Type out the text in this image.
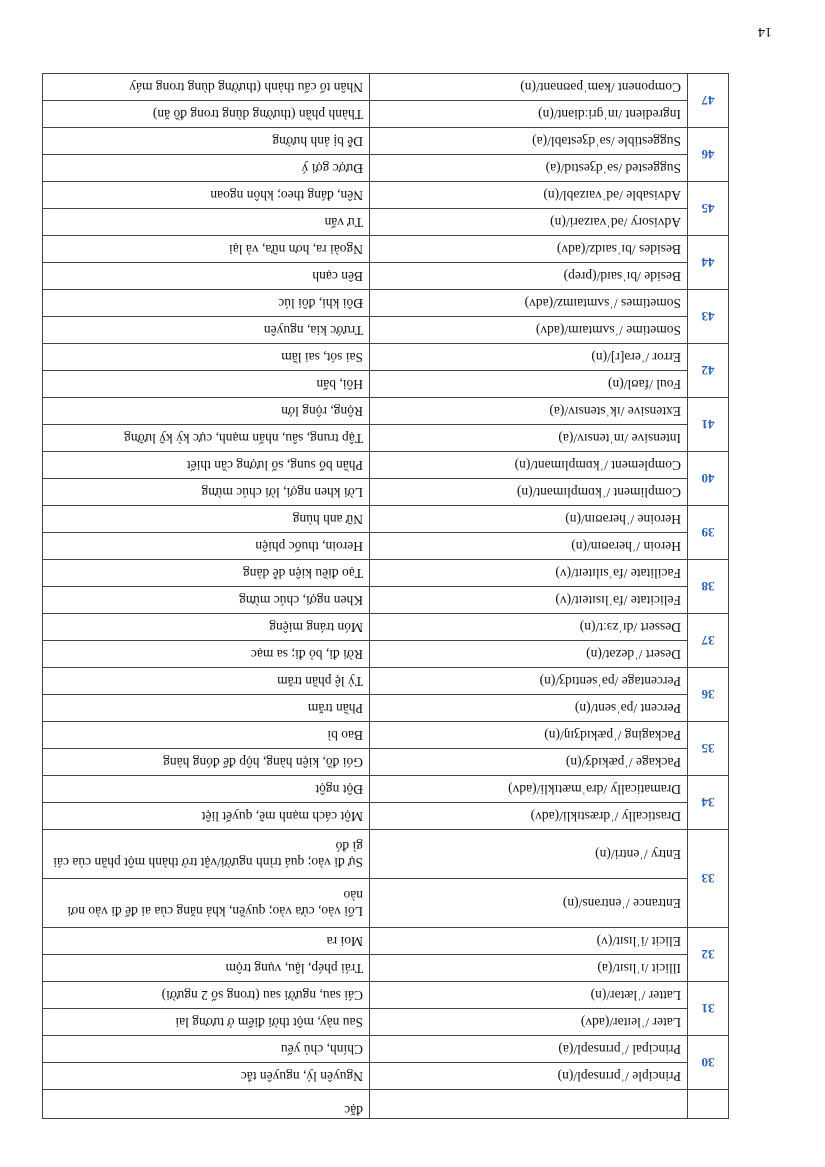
14
		đặc
30	Principle /ˈprɪnsəpl/(n)	Nguyên lý, nguyên tắc
	Principal /ˈprɪnsəpl/(a)	Chính, chủ yếu
31	Later /ˈleɪtər/(adv)	Sau này, một thời điểm ở tương lai
	Latter /ˈlætər/(n)	Cái sau, người sau (trong số 2 người)
32	Illicit /ɪˈlɪsɪt/(a)	Trái phép, lậu, vụng trộm
	Elicit /iˈlɪsɪt/(v)	Moi ra
33	Entrance /ˈentrəns/(n)	Lối vào, cửa vào; quyền, khả năng của ai để đi vào nơi nào
	Entry /ˈentri/(n)	Sự đi vào; quá trình người/vật trở thành một phần của cái gì đó
34	Drastically /ˈdræstɪkli/(adv)	Một cách mạnh mẽ, quyết liệt
	Dramatically /drəˈmætɪkli/(adv)	Đột ngột
35	Package /ˈpækɪdʒ/(n)	Gói đồ, kiện hàng, hộp để đóng hàng
	Packaging /ˈpækɪdʒɪŋ/(n)	Bao bì
36	Percent /pəˈsent/(n)	Phần trăm
	Percentage /pəˈsentɪdʒ/(n)	Tỷ lệ phần trăm
37	Desert /ˈdezət/(n)	Rời đi, bỏ đi; sa mạc
	Dessert /dɪˈzɜːt/(n)	Món tráng miệng
38	Felicitate /fəˈlɪsɪteɪt/(v)	Khen ngợi, chúc mừng
	Facilitate /fəˈsɪlɪteɪt/(v)	Tạo điều kiện dễ dàng
39	Heroin /ˈherəʊɪn/(n)	Heroin, thuốc phiện
	Heroine /ˈherəʊɪn/(n)	Nữ anh hùng
40	Compliment /ˈkɒmplɪmənt/(n)	Lời khen ngợi, lời chúc mừng
	Complement /ˈkɒmplɪmənt/(n)	Phần bổ sung, số lượng cần thiết
41	Intensive /ɪnˈtensɪv/(a)	Tập trung, sâu, nhấn mạnh, cực kỳ kỹ lưỡng
	Extensive /ɪkˈstensɪv/(a)	Rộng, rộng lớn
42	Foul /faʊl/(n)	Hôi, bẩn
	Error /ˈerə[r]/(n)	Sai sót, sai lầm
43	Sometime /ˈsʌmtaɪm/(adv)	Trước kia, nguyên
	Sometimes /ˈsʌmtaɪmz/(adv)	Đôi khi, đôi lúc
44	Beside /bɪˈsaɪd/(prep)	Bên cạnh
	Besides /bɪˈsaɪdz/(adv)	Ngoài ra, hơn nữa, và lại
45	Advisory /ədˈvaɪzəri/(n)	Tư vấn
	Advisable /ədˈvaɪzəbl/(n)	Nên, đáng theo; khôn ngoan
46	Suggested /səˈdʒestɪd/(a)	Được gợi ý
	Suggestible /səˈdʒestəbl/(a)	Dễ bị ảnh hưởng
47	Ingredient /ɪnˈɡriːdiənt/(n)	Thành phần (thường dùng trong đồ ăn)
	Component /kəmˈpəʊnənt/(n)	Nhân tố cấu thành (thường dùng trong máy
